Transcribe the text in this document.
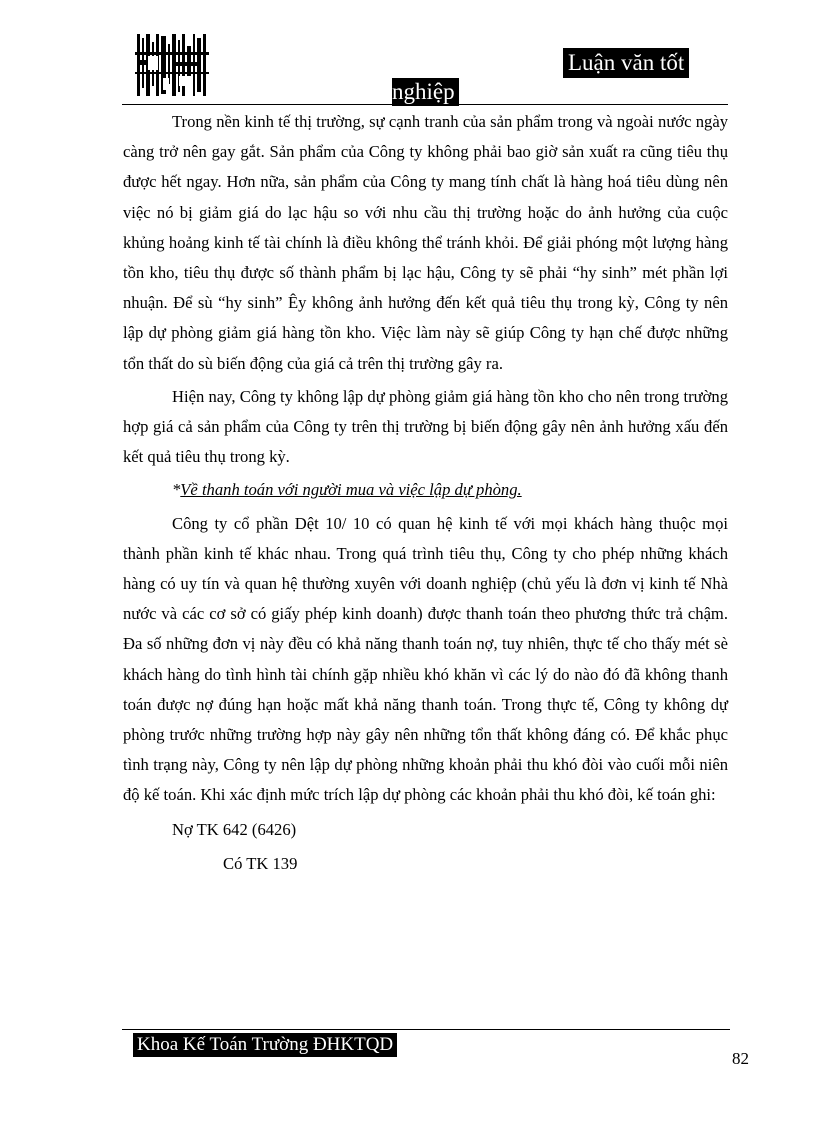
Luận văn tốt
nghiệp

Trong nền kinh tế thị trường, sự cạnh tranh của sản phẩm trong và ngoài nước ngày càng trở nên gay gắt. Sản phẩm của Công ty không phải bao giờ sản xuất ra cũng tiêu thụ được hết ngay. Hơn nữa, sản phẩm của Công ty mang tính chất là hàng hoá tiêu dùng nên việc nó bị giảm giá do lạc hậu so với nhu cầu thị trường hoặc do ảnh hưởng của cuộc khủng hoảng kinh tế tài chính là điều không thể tránh khỏi. Để giải phóng một lượng hàng tồn kho, tiêu thụ được số thành phẩm bị lạc hậu, Công ty sẽ phải “hy sinh” mét phần lợi nhuận. Để sù “hy sinh” Êy không ảnh hưởng đến kết quả tiêu thụ trong kỳ, Công ty nên lập dự phòng giảm giá hàng tồn kho. Việc làm này sẽ giúp Công ty hạn chế được những tổn thất do sù biến động của giá cả trên thị trường gây ra.

Hiện nay, Công ty không lập dự phòng giảm giá hàng tồn kho cho nên trong trường hợp giá cả sản phẩm của Công ty trên thị trường bị biến động gây nên ảnh hưởng xấu đến kết quả tiêu thụ trong kỳ.

*Về thanh toán với người mua và việc lập dự phòng.

Công ty cổ phần Dệt 10/ 10 có quan hệ kinh tế với mọi khách hàng thuộc mọi thành phần kinh tế khác nhau. Trong quá trình tiêu thụ, Công ty cho phép những khách hàng có uy tín và quan hệ thường xuyên với doanh nghiệp (chủ yếu là đơn vị kinh tế Nhà nước và các cơ sở có giấy phép kinh doanh) được thanh toán theo phương thức trả chậm. Đa số những đơn vị này đều có khả năng thanh toán nợ, tuy nhiên, thực tế cho thấy mét sè khách hàng do tình hình tài chính gặp nhiều khó khăn vì các lý do nào đó đã không thanh toán được nợ đúng hạn hoặc mất khả năng thanh toán. Trong thực tế, Công ty không dự phòng trước những trường hợp này gây nên những tổn thất không đáng có. Để khắc phục tình trạng này, Công ty nên lập dự phòng những khoản phải thu khó đòi vào cuối mỗi niên độ kế toán. Khi xác định mức trích lập dự phòng các khoản phải thu khó đòi, kế toán ghi:

Nợ TK 642 (6426)

Có TK 139

Khoa Kế Toán Trường ĐHKTQD
82
